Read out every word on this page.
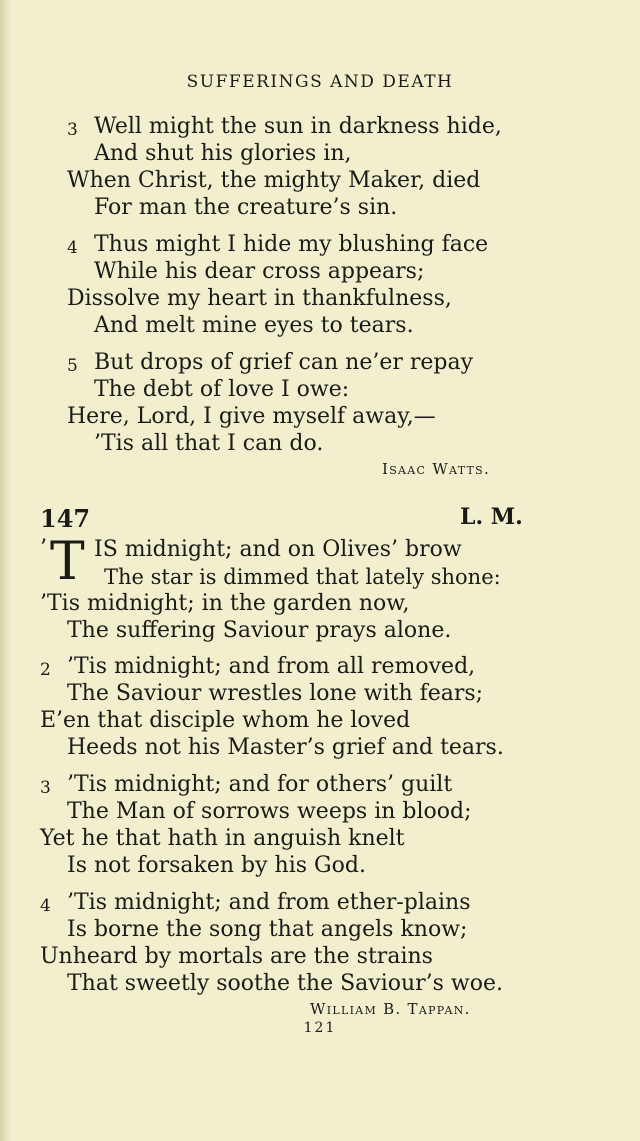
SUFFERINGS AND DEATH
3 Well might the sun in darkness hide,
And shut his glories in,
When Christ, the mighty Maker, died
For man the creature’s sin.
4 Thus might I hide my blushing face
While his dear cross appears;
Dissolve my heart in thankfulness,
And melt mine eyes to tears.
5 But drops of grief can ne’er repay
The debt of love I owe:
Here, Lord, I give myself away,—
’Tis all that I can do.
Isaac Watts.
147	L. M.
’ T IS midnight; and on Olives’ brow
The star is dimmed that lately shone:
’Tis midnight; in the garden now,
The suffering Saviour prays alone.
2 ’Tis midnight; and from all removed,
The Saviour wrestles lone with fears;
E’en that disciple whom he loved
Heeds not his Master’s grief and tears.
3 ’Tis midnight; and for others’ guilt
The Man of sorrows weeps in blood;
Yet he that hath in anguish knelt
Is not forsaken by his God.
4 ’Tis midnight; and from ether-plains
Is borne the song that angels know;
Unheard by mortals are the strains
That sweetly soothe the Saviour’s woe.
William B. Tappan.
121
